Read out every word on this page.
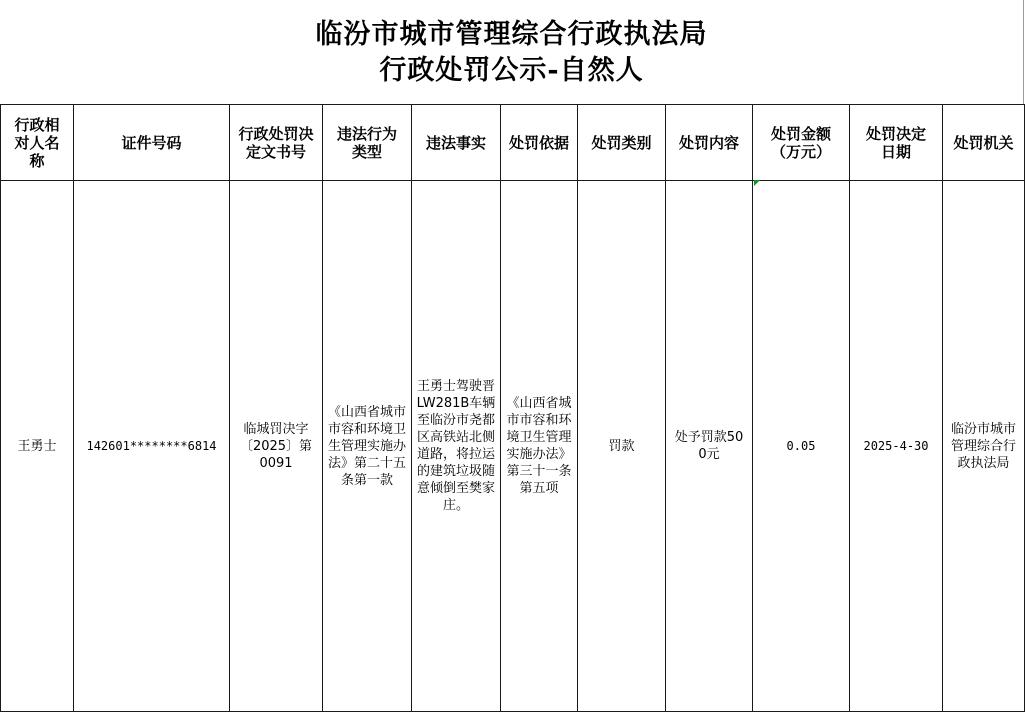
临汾市城市管理综合行政执法局
行政处罚公示-自然人
行政相对人名称	证件号码	行政处罚决定文书号	违法行为类型	违法事实	处罚依据	处罚类别	处罚内容	处罚金额（万元）	处罚决定日期	处罚机关

王勇士	142601********6814	临城罚决字〔2025〕第0091	《山西省城市市容和环境卫生管理实施办法》第二十五条第一款	王勇士驾驶晋LW281B车辆至临汾市尧都区高铁站北侧道路，将拉运的建筑垃圾随意倾倒至樊家庄。	《山西省城市市容和环境卫生管理实施办法》第三十一条第五项	罚款	处予罚款500元	0.05	2025-4-30	临汾市城市管理综合行政执法局
